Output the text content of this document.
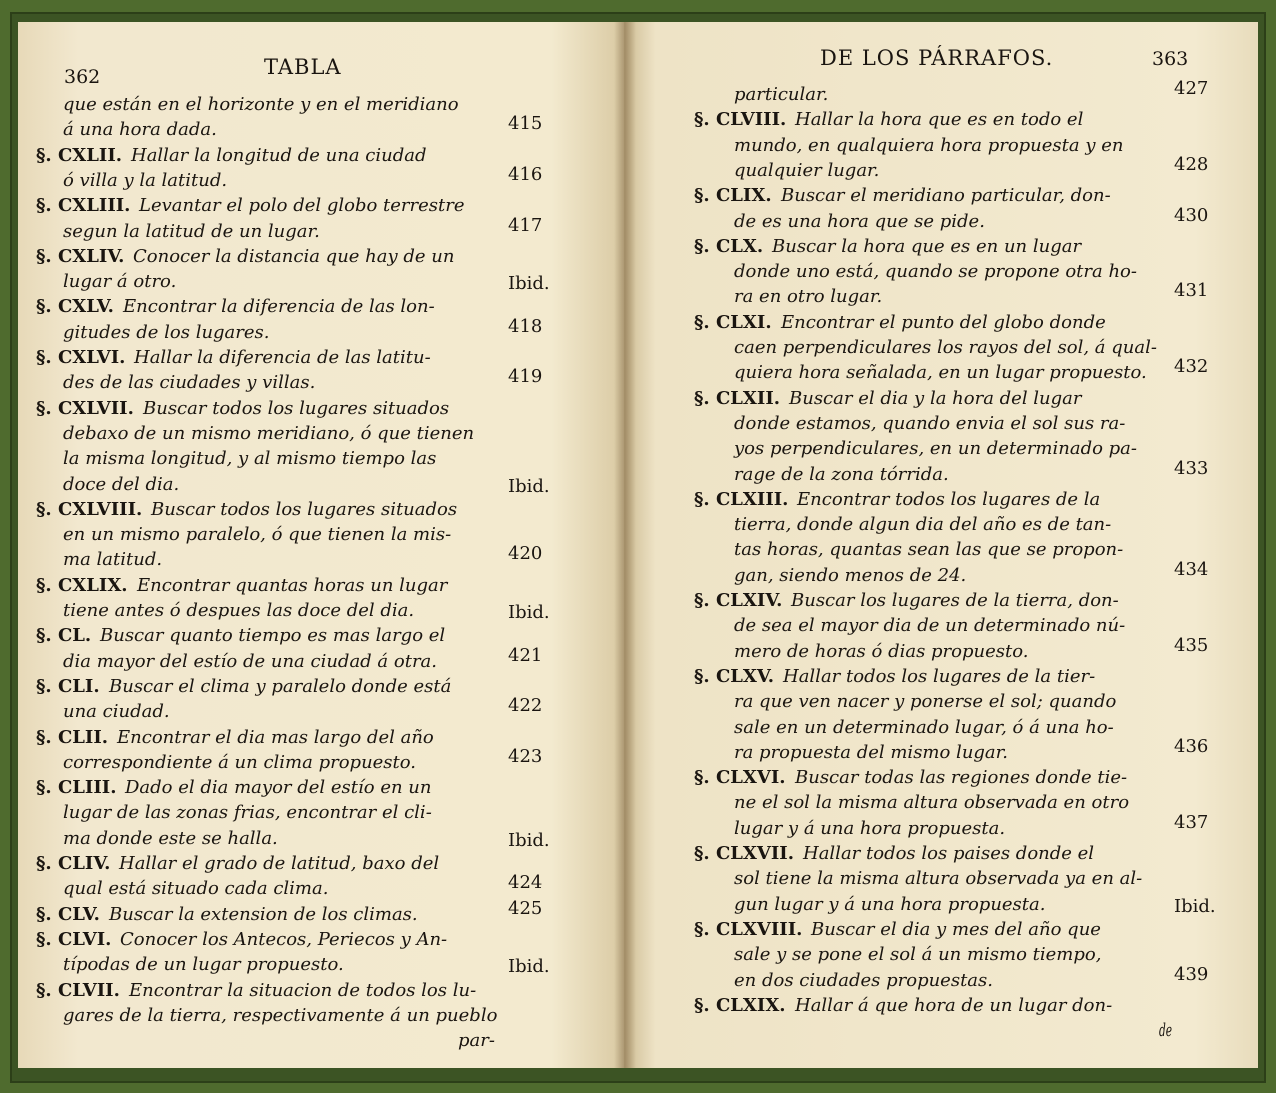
362	TABLA
que están en el horizonte y en el meridiano
á una hora dada.	415
§. CXLII. Hallar la longitud de una ciudad
ó villa y la latitud.	416
§. CXLIII. Levantar el polo del globo terrestre
segun la latitud de un lugar.	417
§. CXLIV. Conocer la distancia que hay de un
lugar á otro.	Ibid.
§. CXLV. Encontrar la diferencia de las lon-
gitudes de los lugares.	418
§. CXLVI. Hallar la diferencia de las latitu-
des de las ciudades y villas.	419
§. CXLVII. Buscar todos los lugares situados
debaxo de un mismo meridiano, ó que tienen
la misma longitud, y al mismo tiempo las
doce del dia.	Ibid.
§. CXLVIII. Buscar todos los lugares situados
en un mismo paralelo, ó que tienen la mis-
ma latitud.	420
§. CXLIX. Encontrar quantas horas un lugar
tiene antes ó despues las doce del dia.	Ibid.
§. CL. Buscar quanto tiempo es mas largo el
dia mayor del estío de una ciudad á otra.	421
§. CLI. Buscar el clima y paralelo donde está
una ciudad.	422
§. CLII. Encontrar el dia mas largo del año
correspondiente á un clima propuesto.	423
§. CLIII. Dado el dia mayor del estío en un
lugar de las zonas frias, encontrar el cli-
ma donde este se halla.	Ibid.
§. CLIV. Hallar el grado de latitud, baxo del
qual está situado cada clima.	424
§. CLV. Buscar la extension de los climas.	425
§. CLVI. Conocer los Antecos, Periecos y An-
típodas de un lugar propuesto.	Ibid.
§. CLVII. Encontrar la situacion de todos los lu-
gares de la tierra, respectivamente á un pueblo
par-
DE LOS PÁRRAFOS.	363
particular.	427
§. CLVIII. Hallar la hora que es en todo el
mundo, en qualquiera hora propuesta y en
qualquier lugar.	428
§. CLIX. Buscar el meridiano particular, don-
de es una hora que se pide.	430
§. CLX. Buscar la hora que es en un lugar
donde uno está, quando se propone otra ho-
ra en otro lugar.	431
§. CLXI. Encontrar el punto del globo donde
caen perpendiculares los rayos del sol, á qual-
quiera hora señalada, en un lugar propuesto. 432
§. CLXII. Buscar el dia y la hora del lugar
donde estamos, quando envia el sol sus ra-
yos perpendiculares, en un determinado pa-
rage de la zona tórrida.	433
§. CLXIII. Encontrar todos los lugares de la
tierra, donde algun dia del año es de tan-
tas horas, quantas sean las que se propon-
gan, siendo menos de 24.	434
§. CLXIV. Buscar los lugares de la tierra, don-
de sea el mayor dia de un determinado nú-
mero de horas ó dias propuesto.	435
§. CLXV. Hallar todos los lugares de la tier-
ra que ven nacer y ponerse el sol; quando
sale en un determinado lugar, ó á una ho-
ra propuesta del mismo lugar.	436
§. CLXVI. Buscar todas las regiones donde tie-
ne el sol la misma altura observada en otro
lugar y á una hora propuesta.	437
§. CLXVII. Hallar todos los paises donde el
sol tiene la misma altura observada ya en al-
gun lugar y á una hora propuesta.	Ibid.
§. CLXVIII. Buscar el dia y mes del año que
sale y se pone el sol á un mismo tiempo,
en dos ciudades propuestas.	439
§. CLXIX. Hallar á que hora de un lugar don-
de
